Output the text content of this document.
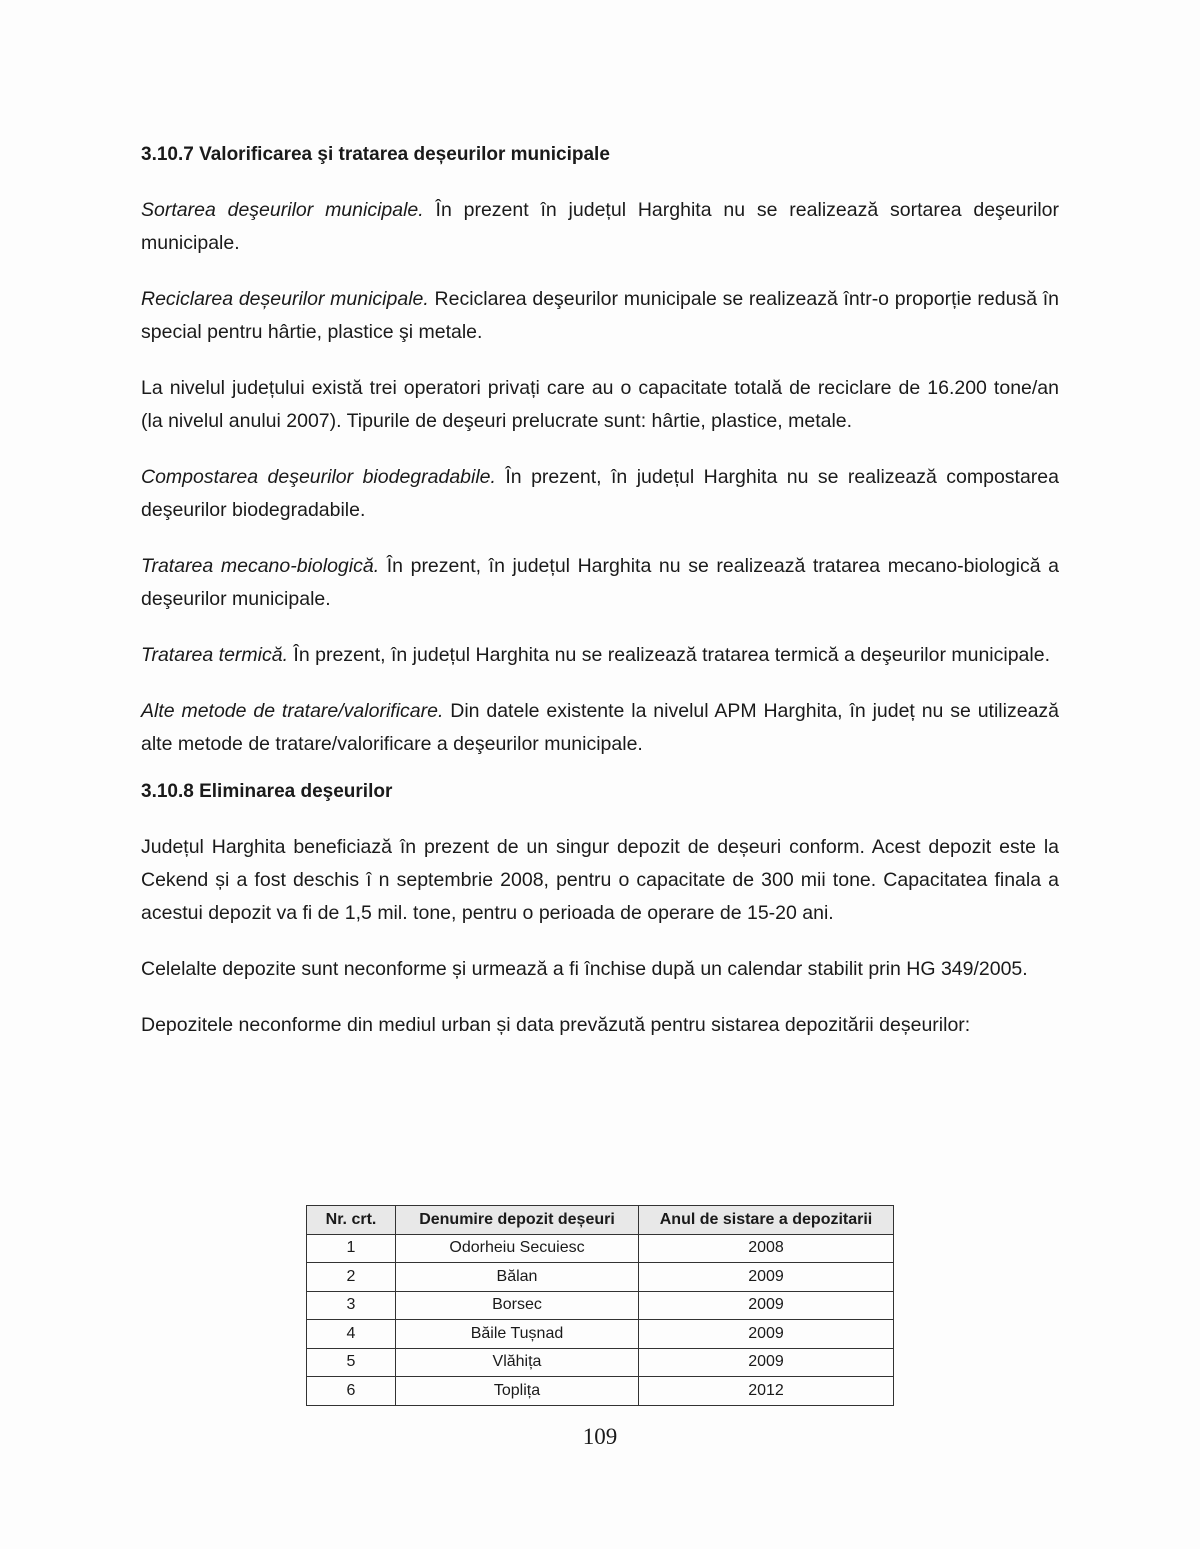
3.10.7 Valorificarea şi tratarea deșeurilor municipale

Sortarea deşeurilor municipale. În prezent în județul Harghita nu se realizează sortarea deşeurilor municipale.

Reciclarea deșeurilor municipale. Reciclarea deşeurilor municipale se realizează într-o proporție redusă în special pentru hârtie, plastice şi metale.

La nivelul județului există trei operatori privați care au o capacitate totală de reciclare de 16.200 tone/an (la nivelul anului 2007). Tipurile de deşeuri prelucrate sunt: hârtie, plastice, metale.

Compostarea deşeurilor biodegradabile. În prezent, în județul Harghita nu se realizează compostarea deşeurilor biodegradabile.

Tratarea mecano-biologică. În prezent, în județul Harghita nu se realizează tratarea mecano-biologică a deşeurilor municipale.

Tratarea termică. În prezent, în județul Harghita nu se realizează tratarea termică a deşeurilor municipale.

Alte metode de tratare/valorificare. Din datele existente la nivelul APM Harghita, în județ nu se utilizează alte metode de tratare/valorificare a deşeurilor municipale.

3.10.8 Eliminarea deşeurilor

Județul Harghita beneficiază în prezent de un singur depozit de deșeuri conform. Acest depozit este la Cekend și a fost deschis î n septembrie 2008, pentru o capacitate de 300 mii tone. Capacitatea finala a acestui depozit va fi de 1,5 mil. tone, pentru o perioada de operare de 15-20 ani.

Celelalte depozite sunt neconforme și urmează a fi închise după un calendar stabilit prin HG 349/2005.

Depozitele neconforme din mediul urban și data prevăzută pentru sistarea depozitării deșeurilor:

Nr. crt.	Denumire depozit deșeuri	Anul de sistare a depozitarii
1	Odorheiu Secuiesc	2008
2	Bălan	2009
3	Borsec	2009
4	Băile Tușnad	2009
5	Vlăhița	2009
6	Toplița	2012
109
